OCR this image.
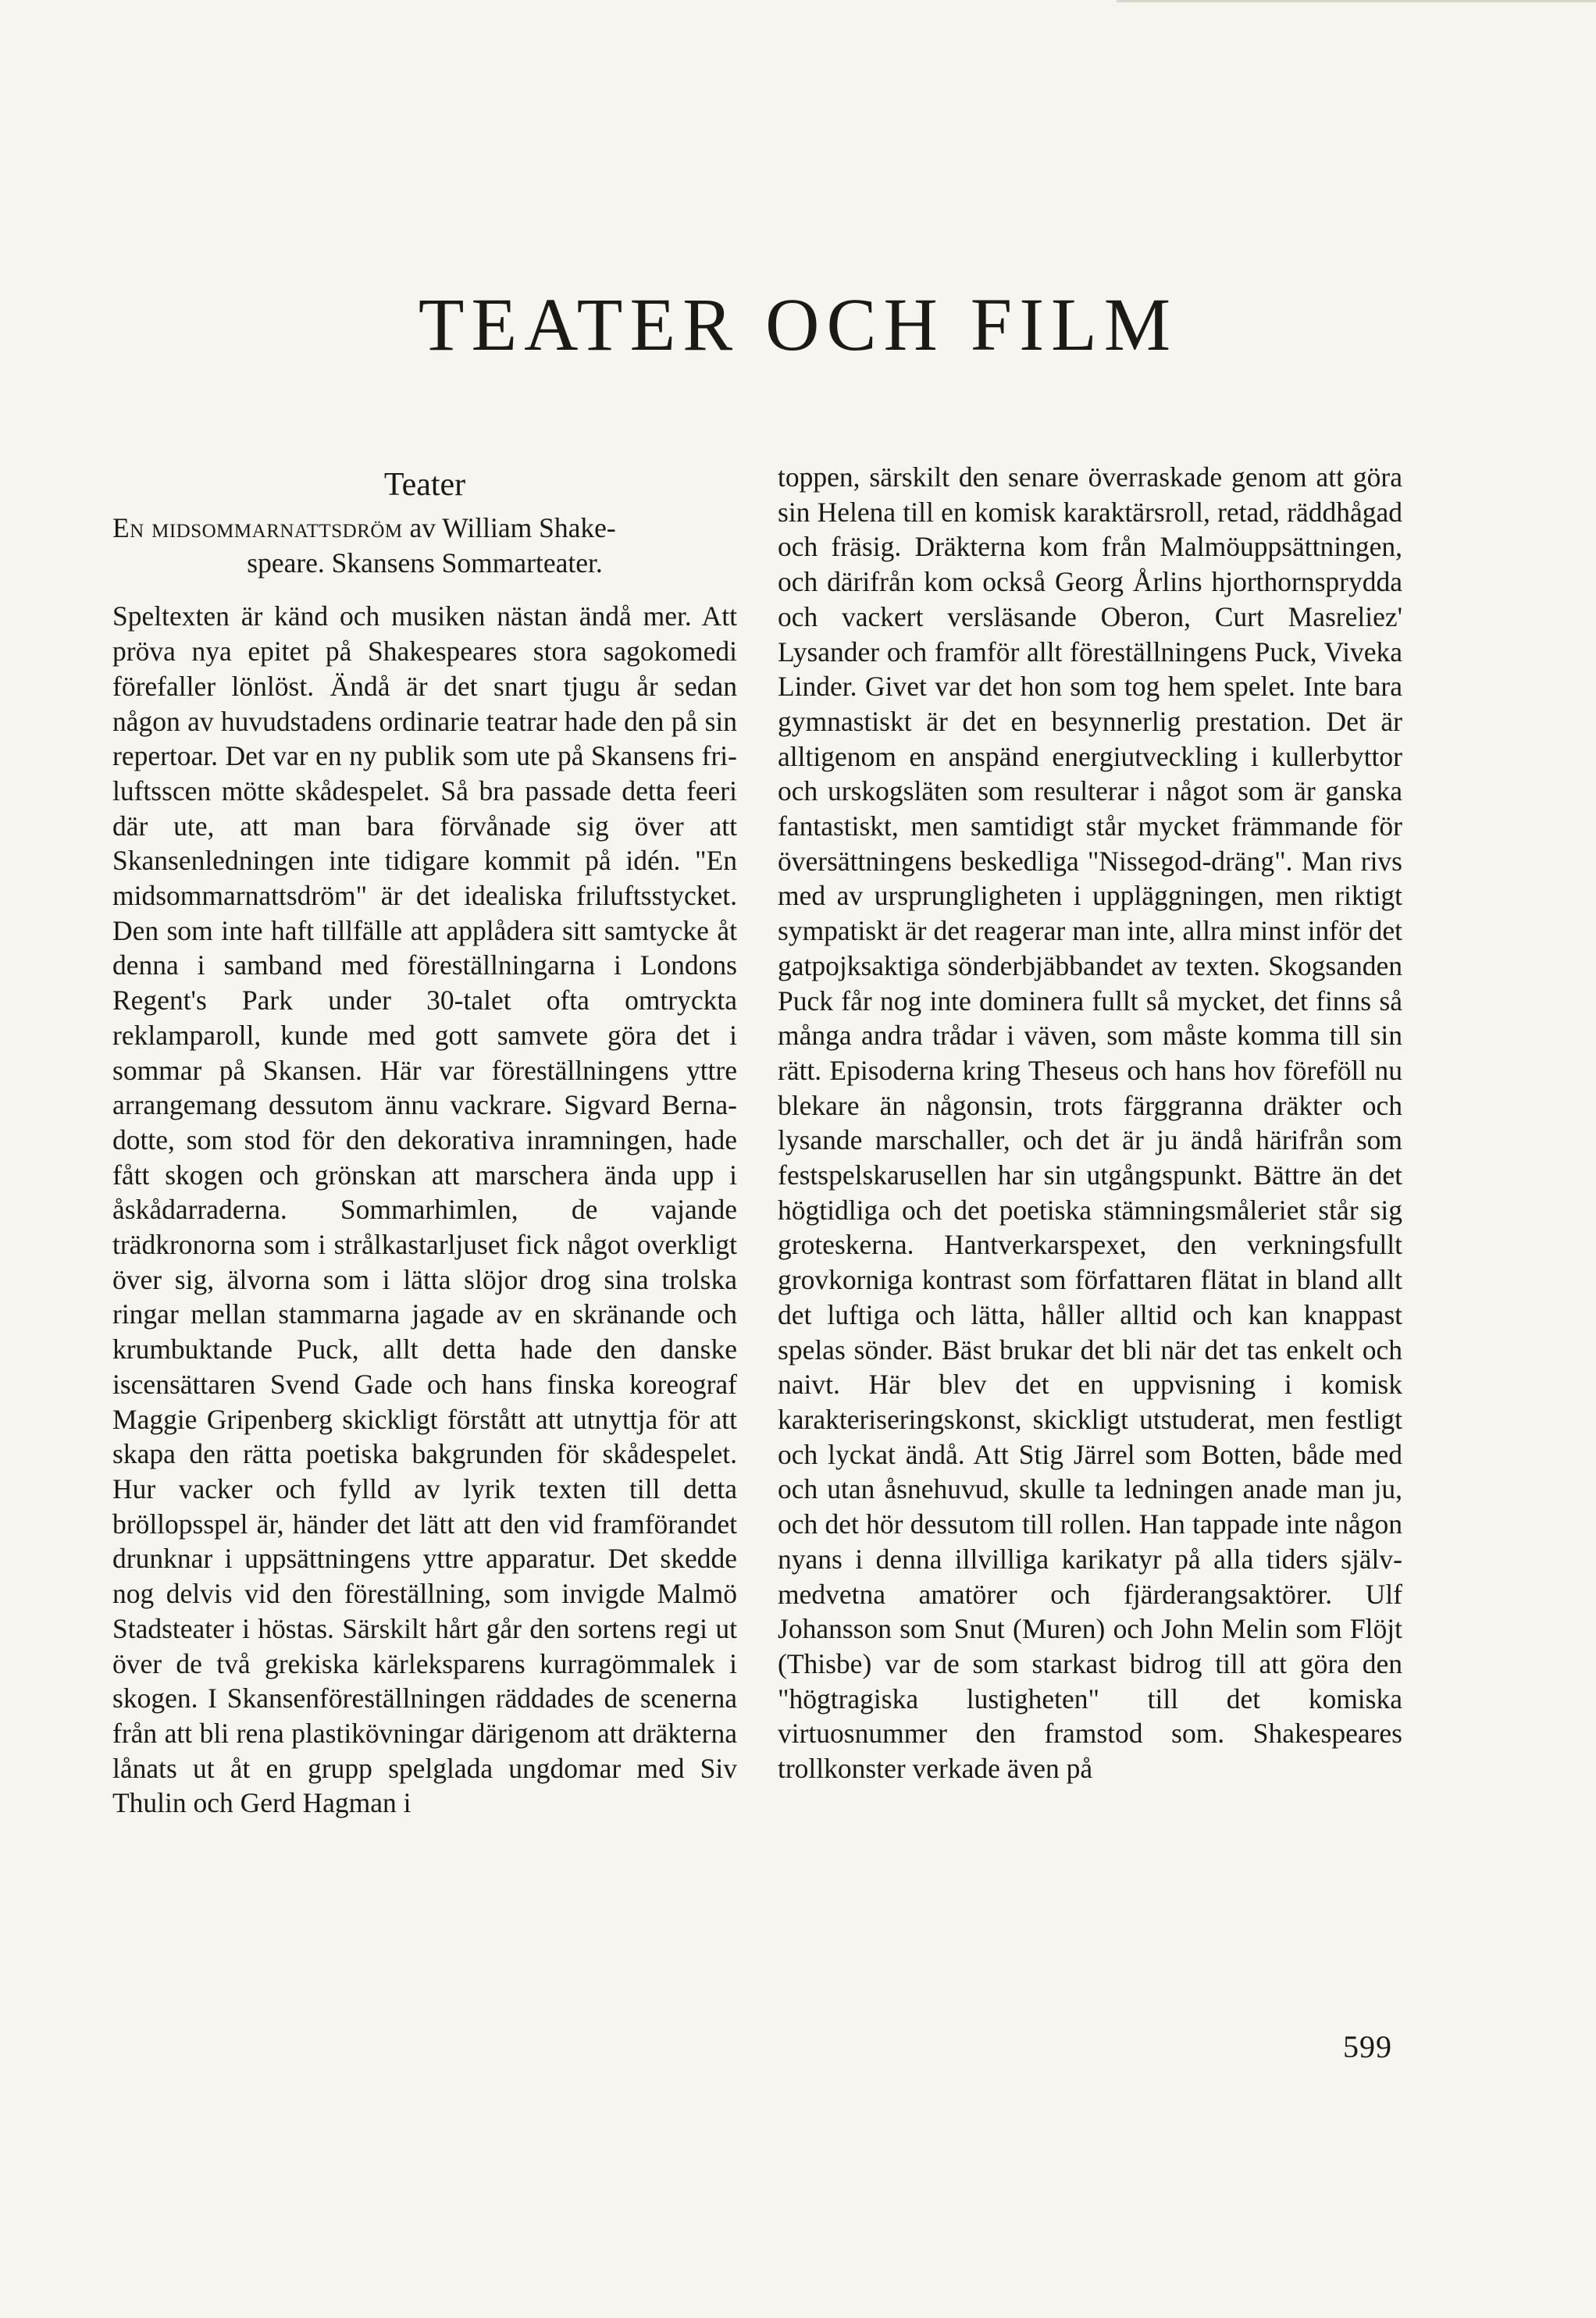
TEATER OCH FILM
Teater

En midsommarnattsdröm av William Shake-
speare. Skansens Sommarteater.

Speltexten är känd och musiken nästan ändå mer. Att pröva nya epitet på Shakespeares stora sagokomedi förefaller lönlöst. Ändå är det snart tjugu år sedan någon av huvudstadens ordinarie teatrar hade den på sin repertoar. Det var en ny publik som ute på Skansens friluftsscen mötte skådespelet. Så bra passade detta feeri där ute, att man bara förvånade sig över att Skansenledningen inte tidigare kommit på idén. "En midsommarnattsdröm" är det idealiska friluftsstycket. Den som inte haft tillfälle att applådera sitt samtycke åt denna i samband med föreställningarna i Londons Regent's Park under 30-talet ofta omtryckta reklamparoll, kunde med gott samvete göra det i sommar på Skansen. Här var föreställningens yttre arrangemang dessutom ännu vackrare. Sigvard Bernadotte, som stod för den dekorativa inramningen, hade fått skogen och grönskan att marschera ända upp i åskådarraderna. Sommarhimlen, de vajande trädkronorna som i strålkastarljuset fick något overkligt över sig, älvorna som i lätta slöjor drog sina trolska ringar mellan stammarna jagade av en skränande och krumbuktande Puck, allt detta hade den danske iscensättaren Svend Gade och hans finska koreograf Maggie Gripenberg skickligt förstått att utnyttja för att skapa den rätta poetiska bakgrunden för skådespelet. Hur vacker och fylld av lyrik texten till detta bröllopsspel är, händer det lätt att den vid framförandet drunknar i uppsättningens yttre apparatur. Det skedde nog delvis vid den föreställning, som invigde Malmö Stadsteater i höstas. Särskilt hårt går den sortens regi ut över de två grekiska kärleksparens kurragömmalek i skogen. I Skansenföreställningen räddades de scenerna från att bli rena plastikövningar därigenom att dräkterna lånats ut åt en grupp spelglada ungdomar med Siv Thulin och Gerd Hagman i

toppen, särskilt den senare överraskade genom att göra sin Helena till en komisk karaktärsroll, retad, räddhågad och fräsig. Dräkterna kom från Malmöuppsättningen, och därifrån kom också Georg Årlins hjorthornsprydda och vackert versläsande Oberon, Curt Masreliez' Lysander och framför allt föreställningens Puck, Viveka Linder. Givet var det hon som tog hem spelet. Inte bara gymnastiskt är det en besynnerlig prestation. Det är alltigenom en anspänd energiutveckling i kullerbyttor och urskogsläten som resulterar i något som är ganska fantastiskt, men samtidigt står mycket främmande för översättningens beskedliga "Nissegod-dräng". Man rivs med av ursprungligheten i uppläggningen, men riktigt sympatiskt är det reagerar man inte, allra minst inför det gatpojksaktiga sönderbjäbbandet av texten. Skogsanden Puck får nog inte dominera fullt så mycket, det finns så många andra trådar i väven, som måste komma till sin rätt. Episoderna kring Theseus och hans hov föreföll nu blekare än någonsin, trots färggranna dräkter och lysande marschaller, och det är ju ändå härifrån som festspelskarusellen har sin utgångspunkt. Bättre än det högtidliga och det poetiska stämningsmåleriet står sig groteskerna. Hantverkarspexet, den verkningsfullt grovkorniga kontrast som författaren flätat in bland allt det luftiga och lätta, håller alltid och kan knappast spelas sönder. Bäst brukar det bli när det tas enkelt och naivt. Här blev det en uppvisning i komisk karakteriseringskonst, skickligt utstuderat, men festligt och lyckat ändå. Att Stig Järrel som Botten, både med och utan åsnehuvud, skulle ta ledningen anade man ju, och det hör dessutom till rollen. Han tappade inte någon nyans i denna illvilliga karikatyr på alla tiders självmedvetna amatörer och fjärderangsaktörer. Ulf Johansson som Snut (Muren) och John Melin som Flöjt (Thisbe) var de som starkast bidrog till att göra den "högtragiska lustigheten" till det komiska virtuosnummer den framstod som. Shakespeares trollkonster verkade även på

599
